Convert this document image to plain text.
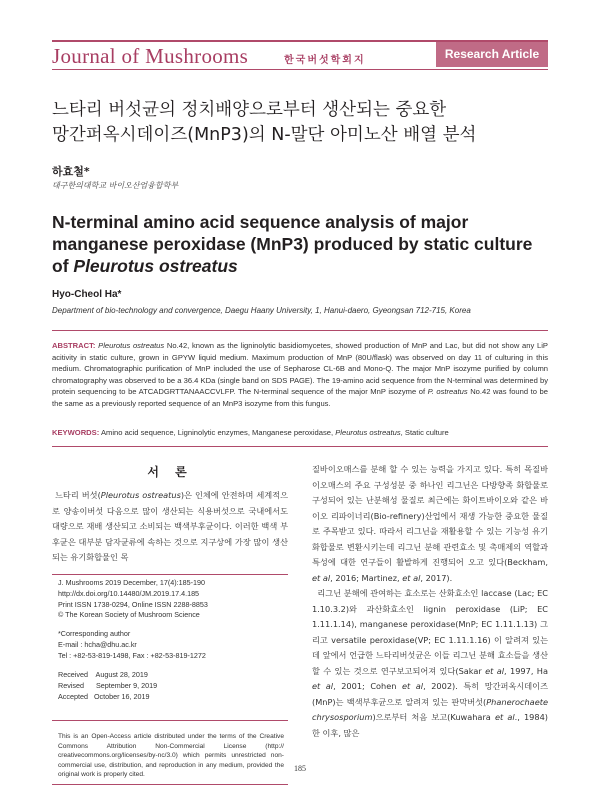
Journal of Mushrooms	한국버섯학회지	Research Article
느타리 버섯균의 정치배양으로부터 생산되는 중요한
망간퍼옥시데이즈(MnP3)의 N-말단 아미노산 배열 분석
하효철*
대구한의대학교 바이오산업융합학부
N-terminal amino acid sequence analysis of major manganese peroxidase (MnP3) produced by static culture of Pleurotus ostreatus
Hyo-Cheol Ha*
Department of bio-technology and convergence, Daegu Haany University, 1, Hanui-daero, Gyeongsan 712-715, Korea
ABSTRACT: Pleurotus ostreatus No.42, known as the ligninolytic basidiomycetes, showed production of MnP and Lac, but did not show any LiP acitivity in static culture, grown in GPYW liquid medium. Maximum production of MnP (80U/flask) was observed on day 11 of culturing in this medium. Chromatographic purification of MnP included the use of Sepharose CL-6B and Mono-Q. The major MnP isozyme purified by column chromatography was observed to be a 36.4 KDa (single band on SDS PAGE). The 19-amino acid sequence from the N-terminal was determined by protein sequencing to be ATCADGRTTANAACCVLFP. The N-terminal sequence of the major MnP isozyme of P. ostreatus No.42 was found to be the same as a previously reported sequence of an MnP3 isozyme from this fungus.
KEYWORDS: Amino acid sequence, Ligninolytic enzymes, Manganese peroxidase, Pleurotus ostreatus, Static culture
서 론
느타리 버섯(Pleurotus ostreatus)은 인체에 안전하며 세계적으로 양송이버섯 다음으로 많이 생산되는 식용버섯으로 국내에서도 대량으로 재배 생산되고 소비되는 백색부후균이다. 이러한 백색 부후균은 대부분 담자균류에 속하는 것으로 지구상에 가장 많이 생산되는 유기화합물인 목
J. Mushrooms 2019 December, 17(4):185-190
http://dx.doi.org/10.14480/JM.2019.17.4.185
Print ISSN 1738-0294, Online ISSN 2288-8853
© The Korean Society of Mushroom Science
*Corresponding author
E-mail : hcha@dhu.ac.kr
Tel : +82-53-819-1498, Fax : +82-53-819-1272
Received    August 28, 2019
Revised      September 9, 2019
Accepted   October 16, 2019
This is an Open-Access article distributed under the terms of the Creative Commons Attribution Non-Commercial License (http:// creativecommons.org/licenses/by-nc/3.0) which permits unrestricted non-commercial use, distribution, and reproduction in any medium, provided the original work is properly cited.
질바이오매스를 분해 할 수 있는 능력을 가지고 있다. 특히 목질바이오매스의 주요 구성성분 중 하나인 리그닌은 다방향족 화합물로 구성되어 있는 난분해성 물질로 최근에는 화이트바이오와 같은 바이오 리파이너리(Bio-refinery)산업에서 재생 가능한 중요한 물질로 주목받고 있다. 따라서 리그닌을 재활용할 수 있는 기능성 유기화합물로 변환시키는데 리그닌 분해 관련효소 및 촉매제의 역할과 특성에 대한 연구들이 활발하게 진행되어 오고 있다(Beckham, et al, 2016; Martinez, et al, 2017).
리그닌 분해에 관여하는 효소로는 산화효소인 laccase (Lac; EC 1.10.3.2)와 과산화효소인 lignin peroxidase (LiP; EC 1.11.1.14), manganese peroxidase(MnP; EC 1.11.1.13) 그리고 versatile peroxidase(VP; EC 1.11.1.16) 이 알려져 있는데 앞에서 언급한 느타리버섯균은 이들 리그닌 분해 효소들을 생산할 수 있는 것으로 연구보고되어져 있다(Sakar et al, 1997, Ha et al, 2001; Cohen et al, 2002). 특히 망간퍼옥시데이즈(MnP)는 백색부후균으로 알려져 있는 판막버섯(Phanerochaete chrysosporium)으로부터 처음 보고(Kuwahara et al., 1984)한 이후, 많은
185
